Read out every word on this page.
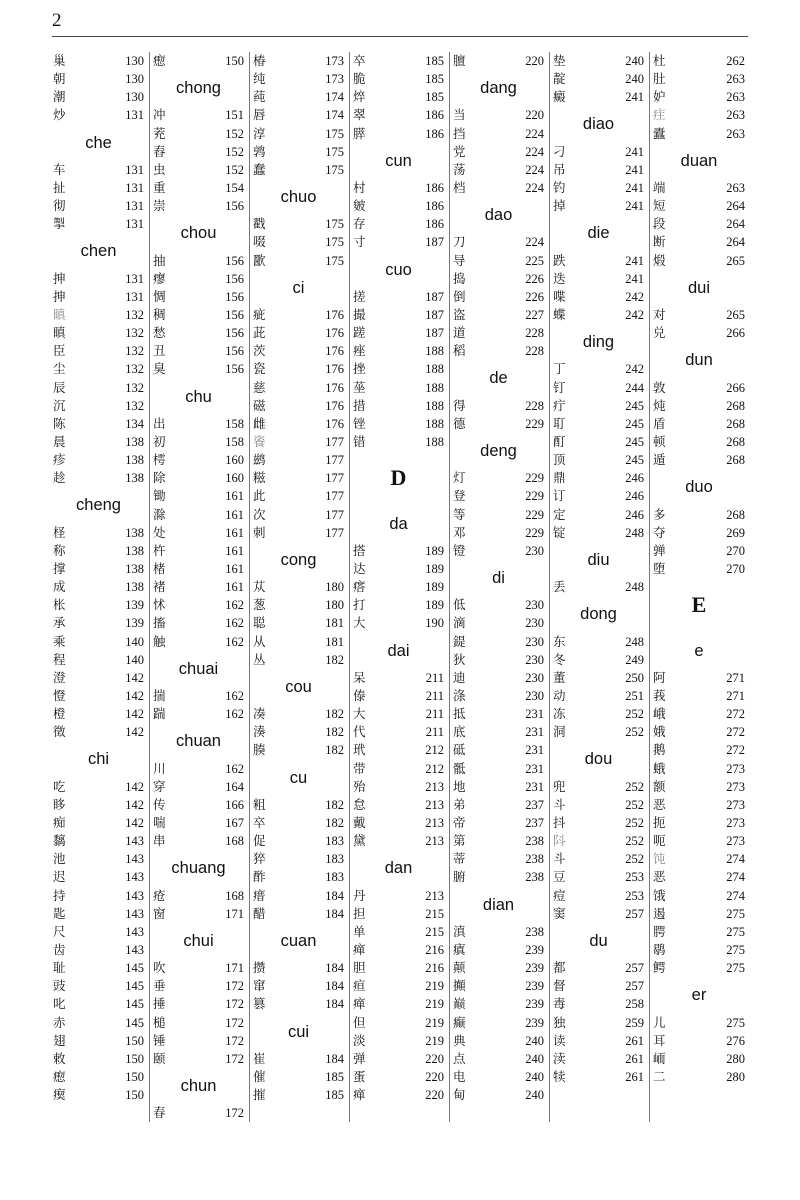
2
巢	130
朝	130
潮	130
炒	131
che
车	131
扯	131
彻	131
掣	131
chen
抻	131
抻	131
瞋	132
瞋	132
臣	132
尘	132
辰	132
沉	132
陈	134
晨	138
疹	138
趁	138
cheng
柽	138
称	138
撑	138
成	138
枨	139
承	139
乘	140
程	140
澄	142
憕	142
橙	142
徵	142
chi
吃	142
眵	142
痴	142
黐	143
池	143
迟	143
持	143
匙	143
尺	143
齿	143
耻	145
豉	145
叱	145
赤	145
翅	150
敕	150
瘛	150
瘈	150
瘛	150
chong
冲	151
茺	152
舂	152
虫	152
重	154
崇	156
chou
抽	156
瘳	156
惆	156
稠	156
愁	156
丑	156
臭	156
chu
出	158
初	158
樗	160
除	160
锄	161
滁	161
处	161
杵	161
楮	161
褚	161
怵	162
搐	162
触	162
chuai
揣	162
踹	162
chuan
川	162
穿	164
传	166
喘	167
串	168
chuang
疮	168
窗	171
chui
吹	171
垂	172
捶	172
槌	172
锤	172
颐	172
chun
春	172
椿	173
纯	173
莼	174
唇	174
淳	175
鹑	175
蠢	175
chuo
戳	175
啜	175
歠	175
ci
疵	176
茈	176
茨	176
瓷	176
慈	176
磁	176
雌	176
餈	177
鹚	177
糍	177
此	177
次	177
刺	177
cong
苁	180
葱	180
聪	181
从	181
丛	182
cou
凑	182
湊	182
腠	182
cu
粗	182
卒	182
促	183
猝	183
酢	183
瘄	184
醋	184
cuan
攒	184
窜	184
篡	184
cui
崔	184
催	185
摧	185
卒	185
脆	185
焠	185
翠	186
膵	186
cun
村	186
皴	186
存	186
寸	187
cuo
搓	187
撮	187
蹉	187
痤	188
挫	188
莝	188
措	188
锉	188
错	188
D
da
搭	189
达	189
瘩	189
打	189
大	190
dai
呆	211
傣	211
大	211
代	211
玳	212
带	212
殆	213
怠	213
戴	213
黛	213
dan
丹	213
担	215
单	215
瘅	216
胆	216
疸	219
瘅	219
但	219
淡	219
弹	220
蛋	220
瘅	220
膻	220
dang
当	220
挡	224
党	224
荡	224
档	224
dao
刀	224
导	225
捣	226
倒	226
盗	227
道	228
稻	228
de
得	228
德	229
deng
灯	229
登	229
等	229
邓	229
镫	230
di
低	230
滴	230
鍉	230
狄	230
迪	230
涤	230
抵	231
底	231
砥	231
骶	231
地	231
弟	237
帝	237
第	238
蒂	238
腑	238
dian
滇	238
瘨	239
颠	239
攧	239
巅	239
癫	239
典	240
点	240
电	240
甸	240
垫	240
靛	240
癜	241
diao
刁	241
吊	241
钓	241
掉	241
die
跌	241
迭	241
喋	242
蝶	242
ding
丁	242
钉	244
疔	245
耵	245
酊	245
顶	245
鼎	246
订	246
定	246
锭	248
diu
丢	248
dong
东	248
冬	249
董	250
动	251
冻	252
洞	252
dou
兜	252
斗	252
抖	252
阧	252
斗	252
豆	253
痘	253
窦	257
du
都	257
督	257
毒	258
独	259
读	261
渎	261
犊	261
杜	262
肚	263
妒	263
疰	263
蠹	263
duan
端	263
短	264
段	264
断	264
煅	265
dui
对	265
兑	266
dun
敦	266
炖	268
盾	268
顿	268
遁	268
duo
多	268
夺	269
亸	270
堕	270
E
e
阿	271
莪	271
峨	272
娥	272
鹅	272
蛾	273
额	273
恶	273
扼	273
呃	273
饨	274
恶	274
饿	274
遏	275
腭	275
鹖	275
鳄	275
er
儿	275
耳	276
峏	280
二	280
